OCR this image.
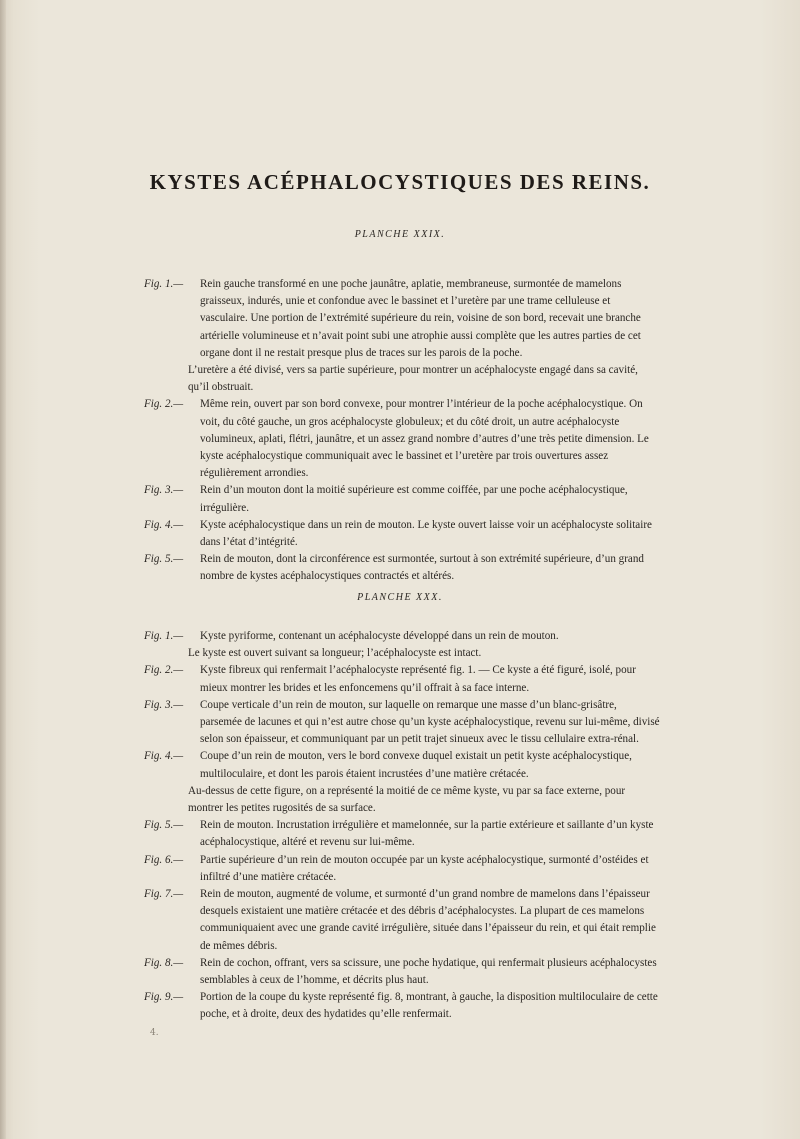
KYSTES ACÉPHALOCYSTIQUES DES REINS.
PLANCHE XXIX.
Fig. 1.—	Rein gauche transformé en une poche jaunâtre, aplatie, membraneuse, surmontée de mamelons graisseux, indurés, unie et confondue avec le bassinet et l’uretère par une trame celluleuse et vasculaire. Une portion de l’extrémité supérieure du rein, voisine de son bord, recevait une branche artérielle volumineuse et n’avait point subi une atrophie aussi complète que les autres parties de cet organe dont il ne restait presque plus de traces sur les parois de la poche.
L’uretère a été divisé, vers sa partie supérieure, pour montrer un acéphalocyste engagé dans sa cavité, qu’il obstruait.
Fig. 2.—	Même rein, ouvert par son bord convexe, pour montrer l’intérieur de la poche acéphalocystique. On voit, du côté gauche, un gros acéphalocyste globuleux; et du côté droit, un autre acéphalocyste volumineux, aplati, flétri, jaunâtre, et un assez grand nombre d’autres d’une très petite dimension. Le kyste acéphalocystique communiquait avec le bassinet et l’uretère par trois ouvertures assez régulièrement arrondies.
Fig. 3.—	Rein d’un mouton dont la moitié supérieure est comme coiffée, par une poche acéphalocystique, irrégulière.
Fig. 4.—	Kyste acéphalocystique dans un rein de mouton. Le kyste ouvert laisse voir un acéphalocyste solitaire dans l’état d’intégrité.
Fig. 5.—	Rein de mouton, dont la circonférence est surmontée, surtout à son extrémité supérieure, d’un grand nombre de kystes acéphalocystiques contractés et altérés.
PLANCHE XXX.
Fig. 1.—	Kyste pyriforme, contenant un acéphalocyste développé dans un rein de mouton.
Le kyste est ouvert suivant sa longueur; l’acéphalocyste est intact.
Fig. 2.—	Kyste fibreux qui renfermait l’acéphalocyste représenté fig. 1. — Ce kyste a été figuré, isolé, pour mieux montrer les brides et les enfoncemens qu’il offrait à sa face interne.
Fig. 3.—	Coupe verticale d’un rein de mouton, sur laquelle on remarque une masse d’un blanc-grisâtre, parsemée de lacunes et qui n’est autre chose qu’un kyste acéphalocystique, revenu sur lui-même, divisé selon son épaisseur, et communiquant par un petit trajet sinueux avec le tissu cellulaire extra-rénal.
Fig. 4.—	Coupe d’un rein de mouton, vers le bord convexe duquel existait un petit kyste acéphalocystique, multiloculaire, et dont les parois étaient incrustées d’une matière crétacée.
Au-dessus de cette figure, on a représenté la moitié de ce même kyste, vu par sa face externe, pour montrer les petites rugosités de sa surface.
Fig. 5.—	Rein de mouton. Incrustation irrégulière et mamelonnée, sur la partie extérieure et saillante d’un kyste acéphalocystique, altéré et revenu sur lui-même.
Fig. 6.—	Partie supérieure d’un rein de mouton occupée par un kyste acéphalocystique, surmonté d’ostéides et infiltré d’une matière crétacée.
Fig. 7.—	Rein de mouton, augmenté de volume, et surmonté d’un grand nombre de mamelons dans l’épaisseur desquels existaient une matière crétacée et des débris d’acéphalocystes. La plupart de ces mamelons communiquaient avec une grande cavité irrégulière, située dans l’épaisseur du rein, et qui était remplie de mêmes débris.
Fig. 8.—	Rein de cochon, offrant, vers sa scissure, une poche hydatique, qui renfermait plusieurs acéphalocystes semblables à ceux de l’homme, et décrits plus haut.
Fig. 9.—	Portion de la coupe du kyste représenté fig. 8, montrant, à gauche, la disposition multiloculaire de cette poche, et à droite, deux des hydatides qu’elle renfermait.
4.
